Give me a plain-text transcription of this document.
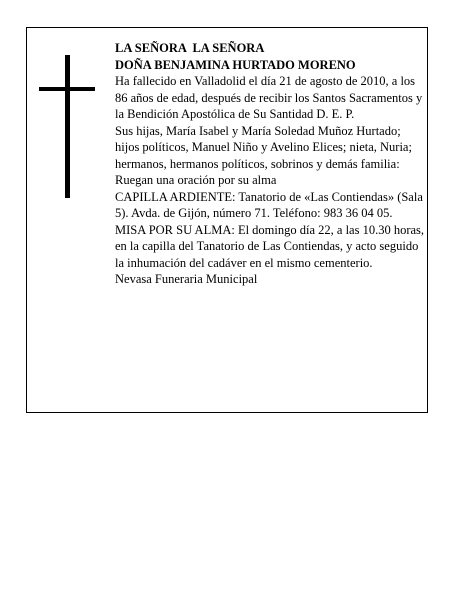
LA SEÑORA  LA SEÑORA

DOÑA BENJAMINA HURTADO MORENO

Ha fallecido en Valladolid el día 21 de agosto de 2010, a los 86 años de edad, después de recibir los Santos Sacramentos y la Bendición Apostólica de Su Santidad D. E. P.

Sus hijas, María Isabel y María Soledad Muñoz Hurtado; hijos políticos, Manuel Niño y Avelino Elices; nieta, Nuria; hermanos, hermanos políticos, sobrinos y demás familia:

Ruegan una oración por su alma

CAPILLA ARDIENTE: Tanatorio de «Las Contiendas» (Sala 5). Avda. de Gijón, número 71. Teléfono: 983 36 04 05.

MISA POR SU ALMA: El domingo día 22, a las 10.30 horas, en la capilla del Tanatorio de Las Contiendas, y acto seguido la inhumación del cadáver en el mismo cementerio.

Nevasa Funeraria Municipal
